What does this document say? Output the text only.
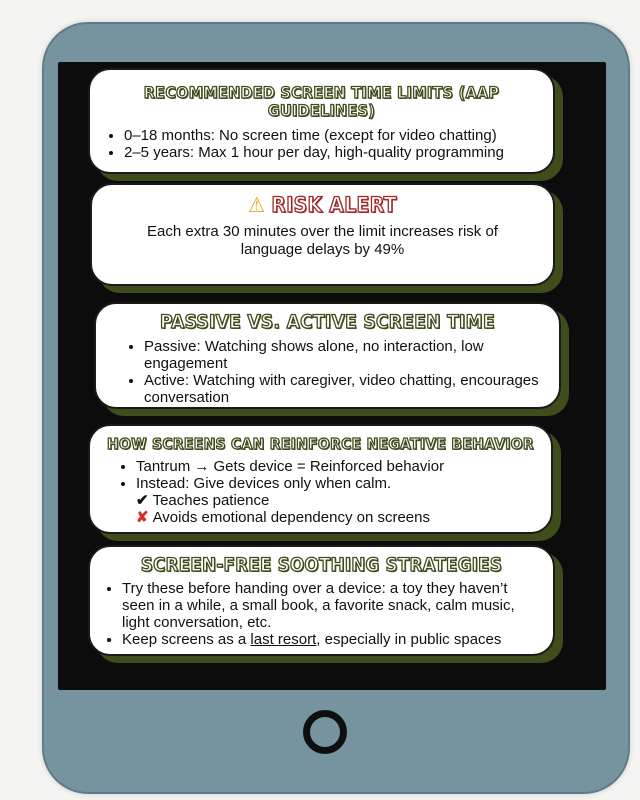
RECOMMENDED SCREEN TIME LIMITS (AAP GUIDELINES)
• 0–18 months: No screen time (except for video chatting)
• 2–5 years: Max 1 hour per day, high-quality programming
⚠ RISK ALERT
Each extra 30 minutes over the limit increases risk of language delays by 49%
PASSIVE VS. ACTIVE SCREEN TIME
• Passive: Watching shows alone, no interaction, low engagement
• Active: Watching with caregiver, video chatting, encourages conversation
HOW SCREENS CAN REINFORCE NEGATIVE BEHAVIOR
• Tantrum → Gets device = Reinforced behavior
• Instead: Give devices only when calm.
✔ Teaches patience
✘ Avoids emotional dependency on screens
SCREEN-FREE SOOTHING STRATEGIES
• Try these before handing over a device: a toy they haven’t seen in a while, a small book, a favorite snack, calm music, light conversation, etc.
• Keep screens as a last resort, especially in public spaces
